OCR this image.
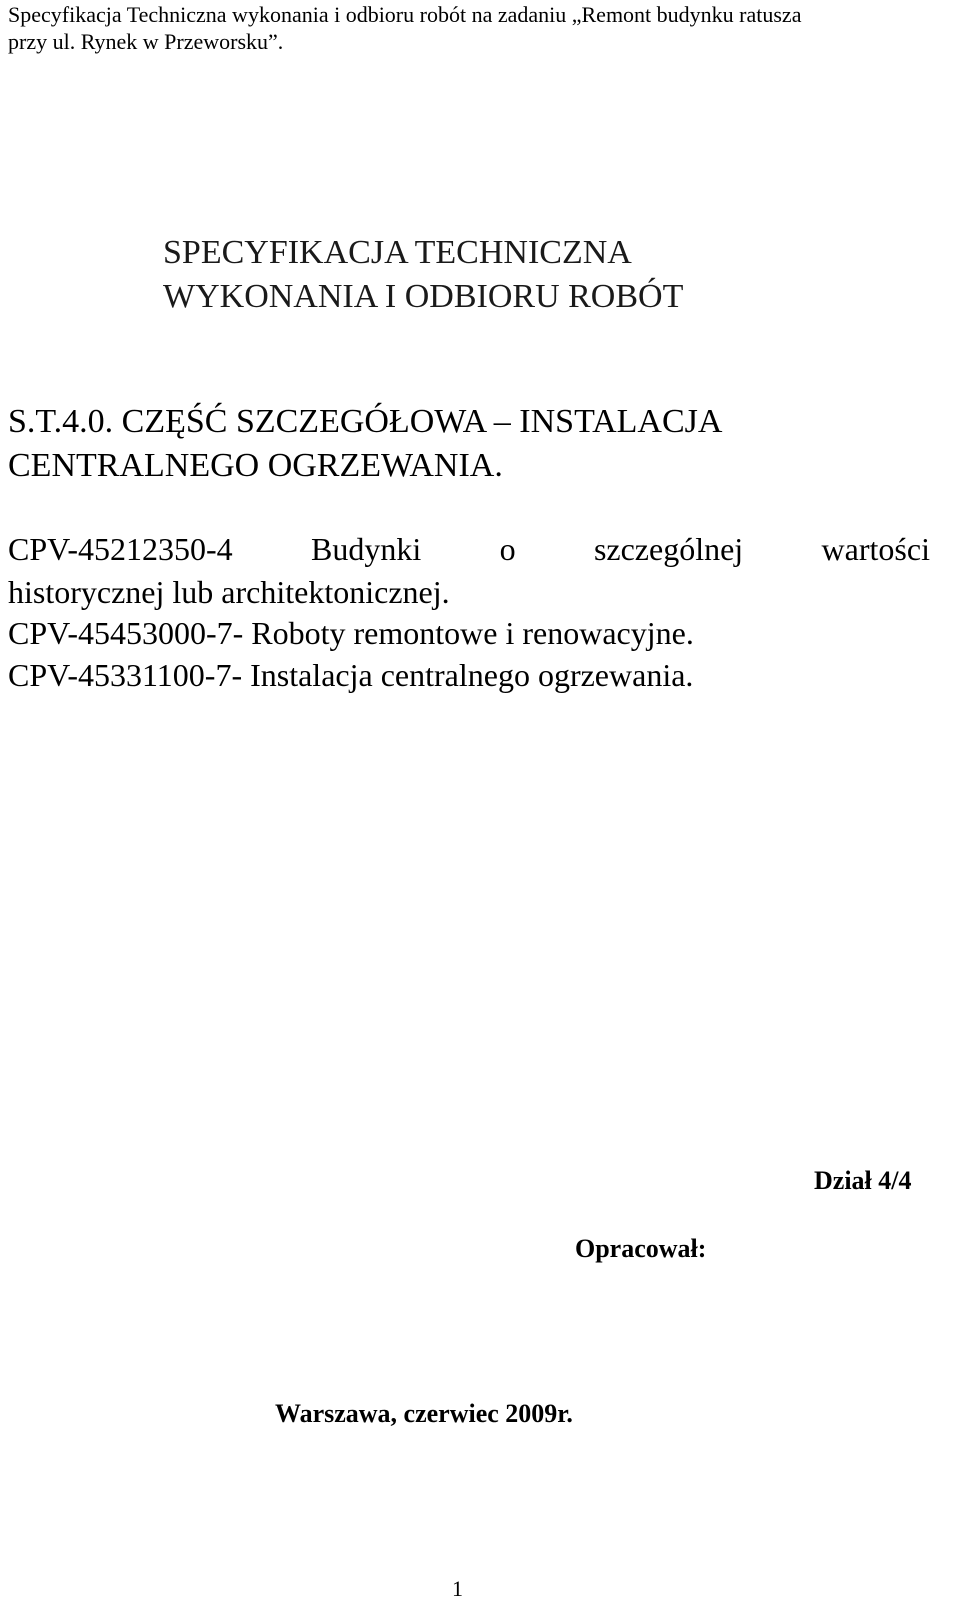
Specyfikacja Techniczna wykonania i odbioru robót na zadaniu „Remont budynku ratusza
przy ul. Rynek w Przeworsku”.
SPECYFIKACJA TECHNICZNA
WYKONANIA I ODBIORU ROBÓT
S.T.4.0. CZĘŚĆ SZCZEGÓŁOWA – INSTALACJA
CENTRALNEGO OGRZEWANIA.
CPV-45212350-4 Budynki o szczególnej wartości
historycznej lub architektonicznej.
CPV-45453000-7- Roboty remontowe i renowacyjne.
CPV-45331100-7- Instalacja centralnego ogrzewania.
Dział 4/4
Opracował:
Warszawa, czerwiec 2009r.
1
